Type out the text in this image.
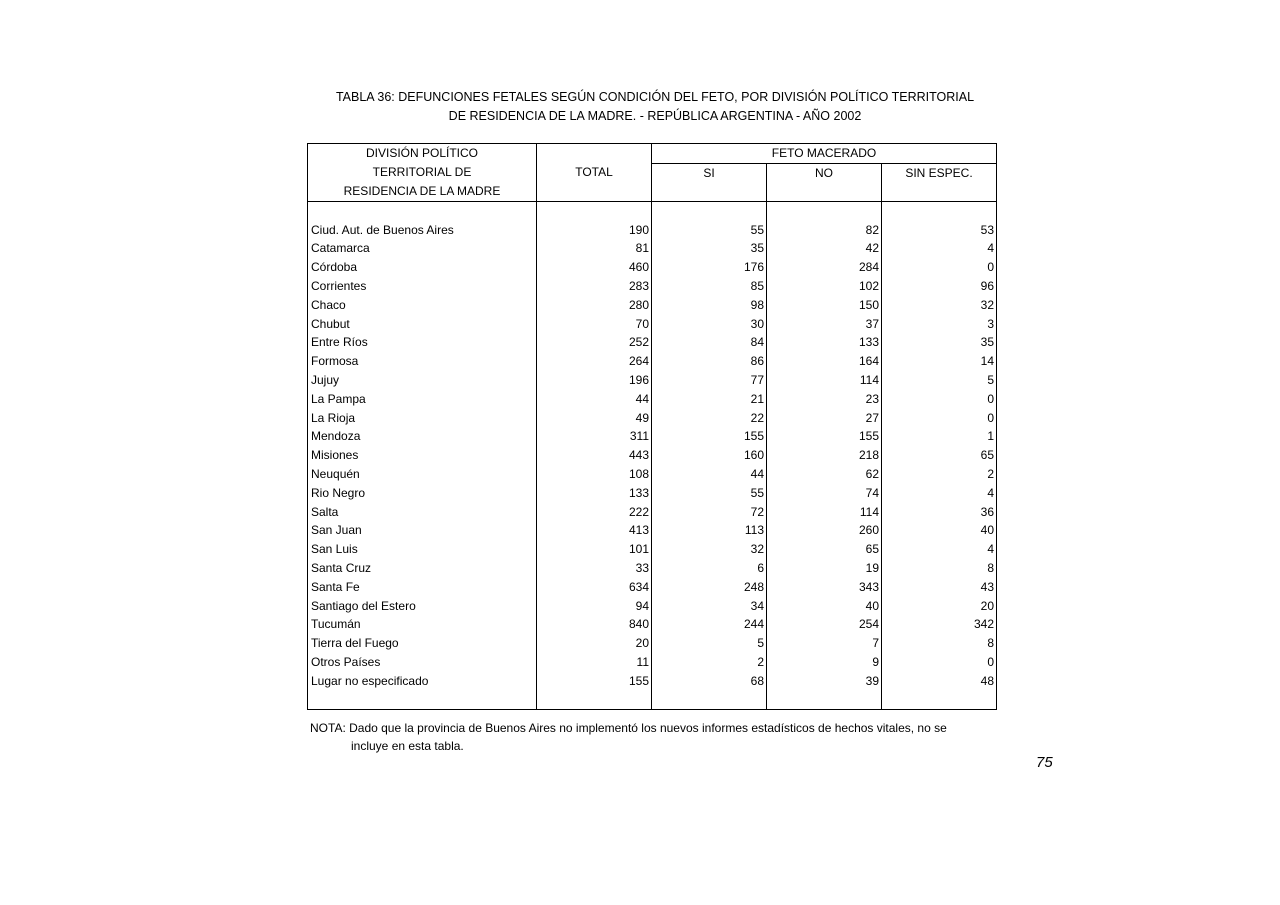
TABLA 36: DEFUNCIONES FETALES SEGÚN CONDICIÓN DEL FETO, POR DIVISIÓN POLÍTICO TERRITORIAL
DE RESIDENCIA DE LA MADRE. - REPÚBLICA ARGENTINA - AÑO 2002
DIVISIÓN POLÍTICO	TOTAL	FETO MACERADO		
TERRITORIAL DE		SI	NO	SIN ESPEC.
RESIDENCIA DE LA MADRE				

Ciud. Aut. de Buenos Aires	190	55	82	53
Catamarca	81	35	42	4
Córdoba	460	176	284	0
Corrientes	283	85	102	96
Chaco	280	98	150	32
Chubut	70	30	37	3
Entre Ríos	252	84	133	35
Formosa	264	86	164	14
Jujuy	196	77	114	5
La Pampa	44	21	23	0
La Rioja	49	22	27	0
Mendoza	311	155	155	1
Misiones	443	160	218	65
Neuquén	108	44	62	2
Rio Negro	133	55	74	4
Salta	222	72	114	36
San Juan	413	113	260	40
San Luis	101	32	65	4
Santa Cruz	33	6	19	8
Santa Fe	634	248	343	43
Santiago del Estero	94	34	40	20
Tucumán	840	244	254	342
Tierra del Fuego	20	5	7	8
Otros Países	11	2	9	0
Lugar no especificado	155	68	39	48

NOTA: Dado que la provincia de Buenos Aires no implementó los nuevos informes estadísticos de hechos vitales, no se
incluye en esta tabla.
75
